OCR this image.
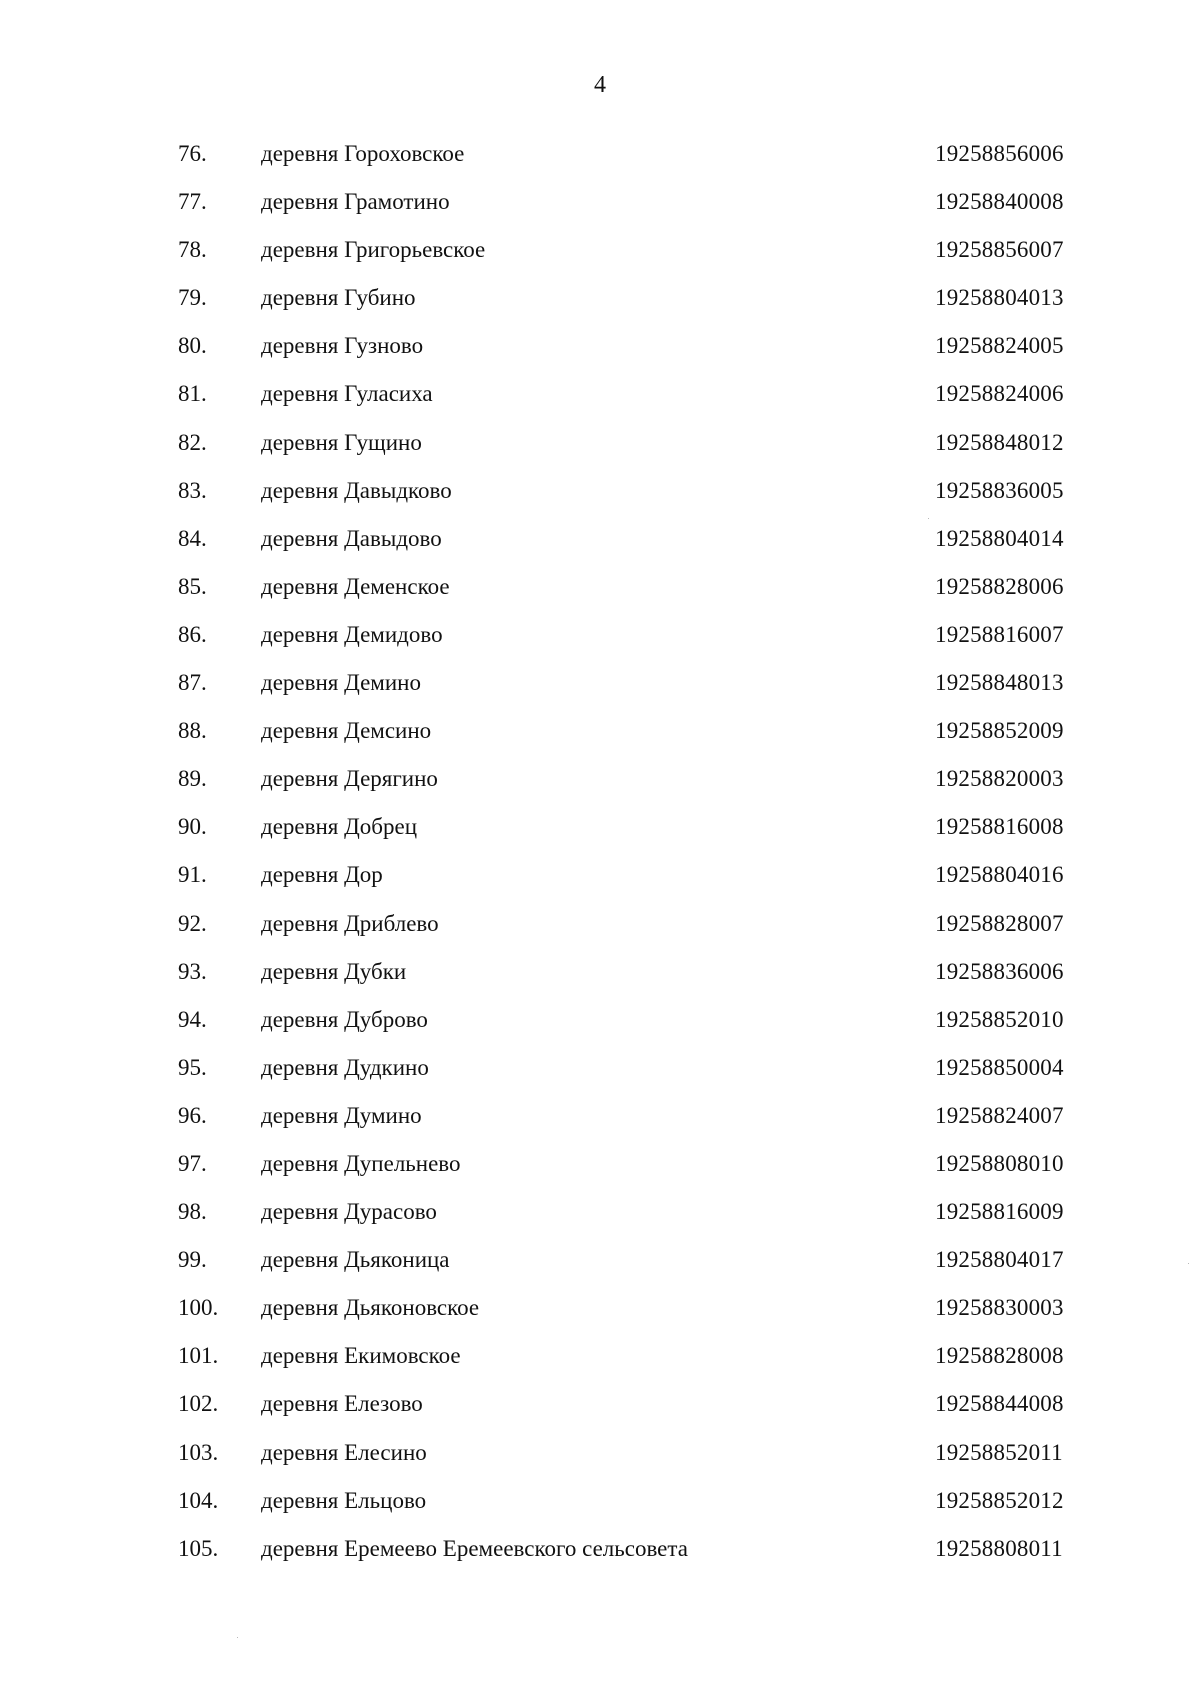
4
76. деревня Гороховское	19258856006
77. деревня Грамотино	19258840008
78. деревня Григорьевское	19258856007
79. деревня Губино	19258804013
80. деревня Гузново	19258824005
81. деревня Гуласиха	19258824006
82. деревня Гущино	19258848012
83. деревня Давыдково	19258836005
84. деревня Давыдово	19258804014
85. деревня Деменское	19258828006
86. деревня Демидово	19258816007
87. деревня Демино	19258848013
88. деревня Демсино	19258852009
89. деревня Дерягино	19258820003
90. деревня Добрец	19258816008
91. деревня Дор	19258804016
92. деревня Дриблево	19258828007
93. деревня Дубки	19258836006
94. деревня Дуброво	19258852010
95. деревня Дудкино	19258850004
96. деревня Думино	19258824007
97. деревня Дупельнево	19258808010
98. деревня Дурасово	19258816009
99. деревня Дьяконица	19258804017
100. деревня Дьяконовское	19258830003
101. деревня Екимовское	19258828008
102. деревня Елезово	19258844008
103. деревня Елесино	19258852011
104. деревня Ельцово	19258852012
105. деревня Еремеево Еремеевского сельсовета	19258808011
